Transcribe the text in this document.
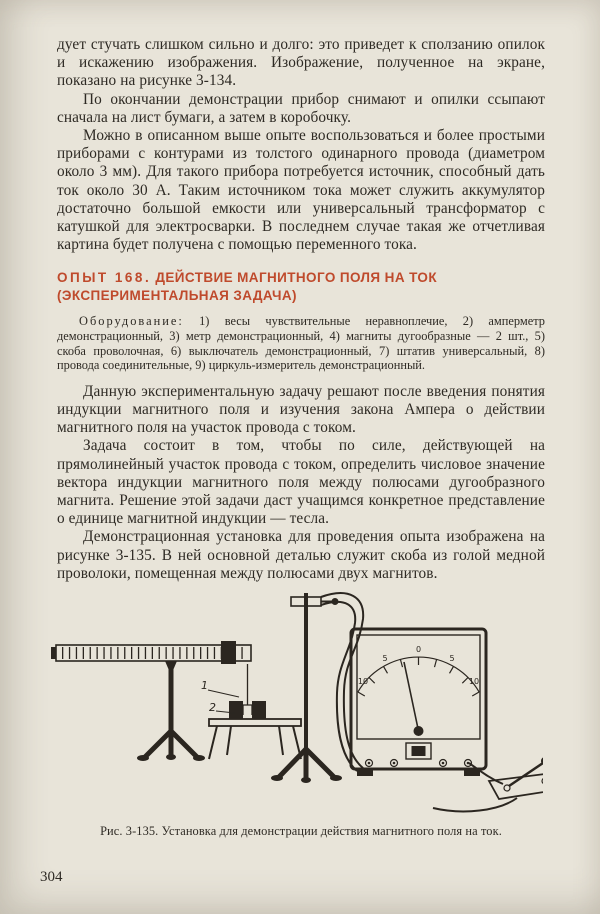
дует стучать слишком сильно и долго: это приведет к сползанию опилок и искажению изображения. Изображение, полученное на экране, показано на рисунке 3-134.

По окончании демонстрации прибор снимают и опилки ссыпают сначала на лист бумаги, а затем в коробочку.

Можно в описанном выше опыте воспользоваться и более простыми приборами с контурами из толстого одинарного провода (диаметром около 3 мм). Для такого прибора потребуется источник, способный дать ток около 30 А. Таким источником тока может служить аккумулятор достаточно большой емкости или универсальный трансформатор с катушкой для электросварки. В последнем случае такая же отчетливая картина будет получена с помощью переменного тока.

ОПЫТ 168. ДЕЙСТВИЕ МАГНИТНОГО ПОЛЯ НА ТОК
(ЭКСПЕРИМЕНТАЛЬНАЯ ЗАДАЧА)

Оборудование: 1) весы чувствительные неравноплечие, 2) амперметр демонстрационный, 3) метр демонстрационный, 4) магниты дугообразные — 2 шт., 5) скоба проволочная, 6) выключатель демонстрационный, 7) штатив универсальный, 8) провода соединительные, 9) циркуль-измеритель демонстрационный.

Данную экспериментальную задачу решают после введения понятия индукции магнитного поля и изучения закона Ампера о действии магнитного поля на участок провода с током.

Задача состоит в том, чтобы по силе, действующей на прямолинейный участок провода с током, определить числовое значение вектора индукции магнитного поля между полюсами дугообразного магнита. Решение этой задачи даст учащимся конкретное представление о единице магнитной индукции — тесла.

Демонстрационная установка для проведения опыта изображена на рисунке 3-135. В ней основной деталью служит скоба из голой медной проволоки, помещенная между полюсами двух магнитов.

1
2
10
5
0
5
10
Рис. 3-135. Установка для демонстрации действия магнитного поля на ток.
304
